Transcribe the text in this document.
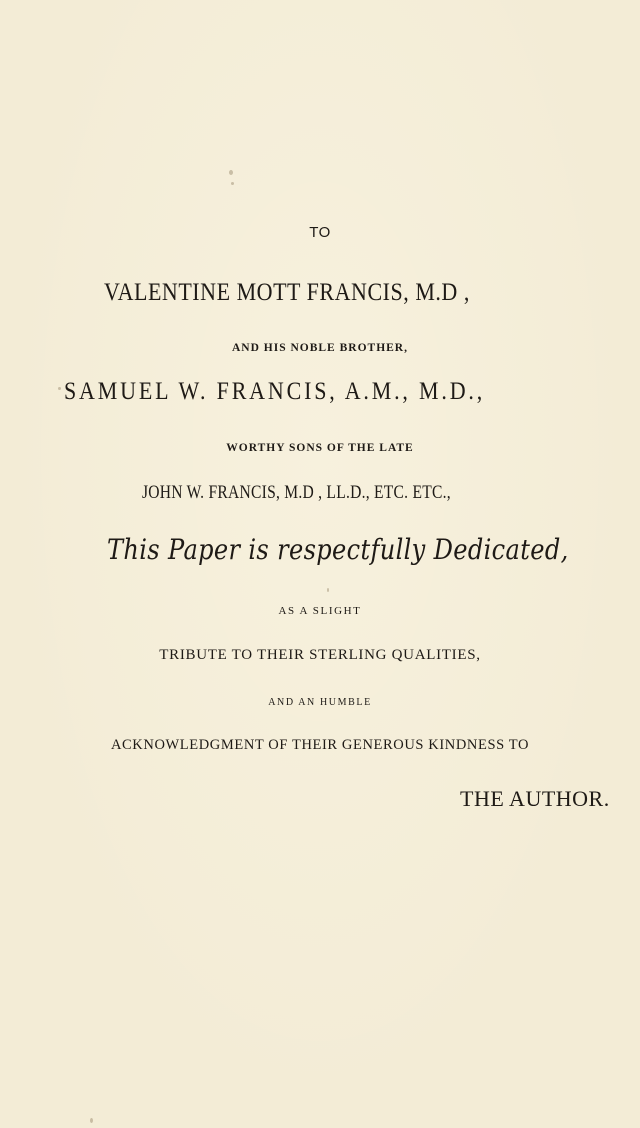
TO
VALENTINE MOTT FRANCIS, M.D ,
AND HIS NOBLE BROTHER,
SAMUEL W. FRANCIS, A.M., M.D.,
WORTHY SONS OF THE LATE
JOHN W. FRANCIS, M.D , LL.D., ETC. ETC.,
This Paper is respectfully Dedicated,
AS A SLIGHT
TRIBUTE TO THEIR STERLING QUALITIES,
AND AN HUMBLE
ACKNOWLEDGMENT OF THEIR GENEROUS KINDNESS TO
THE AUTHOR.
